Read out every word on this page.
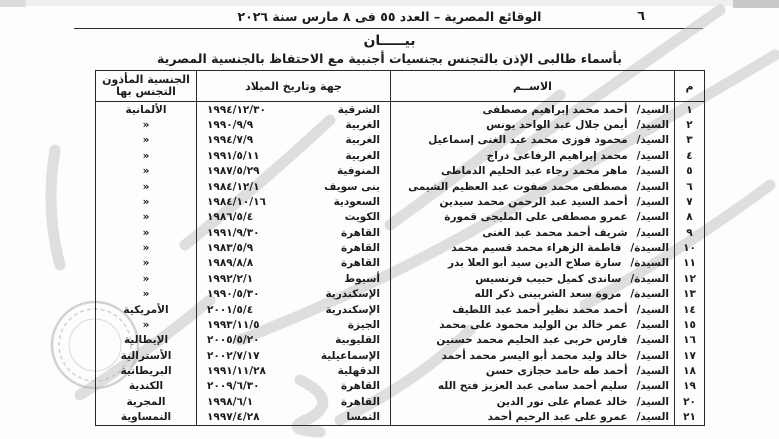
٦
الوقائع المصرية – العدد ٥٥ فى ٨ مارس سنة ٢٠٢٦
بيـــــان
بأسماء طالبى الإذن بالتجنس بجنسيات أجنبية مع الاحتفاظ بالجنسية المصرية
م
الاســم
جهة وتاريخ الميلاد
الجنسية المأذون
التجنس بها
١
السيد/
أحمد محمد إبراهيم مصطفى
الشرقية
١٩٩٤/١٢/٣٠
الألمانية
٢
السيد/
أيمن جلال عبد الواحد يونس
الغربية
١٩٩٠/٩/٩
«
٣
السيد/
محمود فوزى محمد عبد الغنى إسماعيل
الغربية
١٩٩٤/٧/٩
«
٤
السيد/
محمد إبراهيم الرفاعى دراج
الغربية
١٩٩١/٥/١١
«
٥
السيد/
ماهر محمد رجاء عبد الحليم الدماطى
المنوفية
١٩٨٧/٥/٢٩
«
٦
السيد/
مصطفى محمد صفوت عبد العظيم الشيمى
بنى سويف
١٩٨٤/١٢/١
«
٧
السيد/
أحمد السيد عبد الرحمن محمد سيدين
السعودية
١٩٨٤/١٠/١٦
«
٨
السيد/
عمرو مصطفى على المليجى قمورة
الكويت
١٩٨٦/٥/٤
«
٩
السيد/
شريف أحمد محمد عبد الغنى
القاهرة
١٩٩١/٩/٣٠
«
١٠
السيدة/
فاطمة الزهراء محمد قسيم محمد
القاهرة
١٩٨٣/٥/٩
«
١١
السيدة/
سارة صلاح الدين سيد أبو العلا بدر
القاهرة
١٩٨٩/٨/٨
«
١٢
السيدة/
ساندى كميل حبيب فرنسيس
أسيوط
١٩٩٢/٢/١
«
١٣
السيدة/
مروة سعد الشربينى ذكر الله
الإسكندرية
١٩٩٠/٥/٣٠
«
١٤
السيد/
أحمد محمد نظير أحمد عبد اللطيف
الإسكندرية
٢٠٠١/٥/٤
الأمريكية
١٥
السيد/
عمر خالد بن الوليد محمود على محمد
الجيزة
١٩٩٣/١١/٥
«
١٦
السيد/
فارس حربى عبد الحليم محمد حسنين
القليوبية
٢٠٠٥/٥/٢٠
الإيطالية
١٧
السيد/
خالد وليد محمد أبو اليسر محمد أحمد
الإسماعيلية
٢٠٠٢/٧/١٧
الأسترالية
١٨
السيد/
أحمد طه حامد حجازى حسن
الدقهلية
١٩٩١/١١/٢٨
البريطانية
١٩
السيد/
سليم أحمد سامى عبد العزيز فتح الله
القاهرة
٢٠٠٩/٦/٣٠
الكندية
٢٠
السيد/
خالد عصام على نور الدين
القاهرة
١٩٩٨/٦/١
المجرية
٢١
السيد/
عمرو على عبد الرحيم أحمد
النمسا
١٩٩٧/٤/٢٨
النمساوية
